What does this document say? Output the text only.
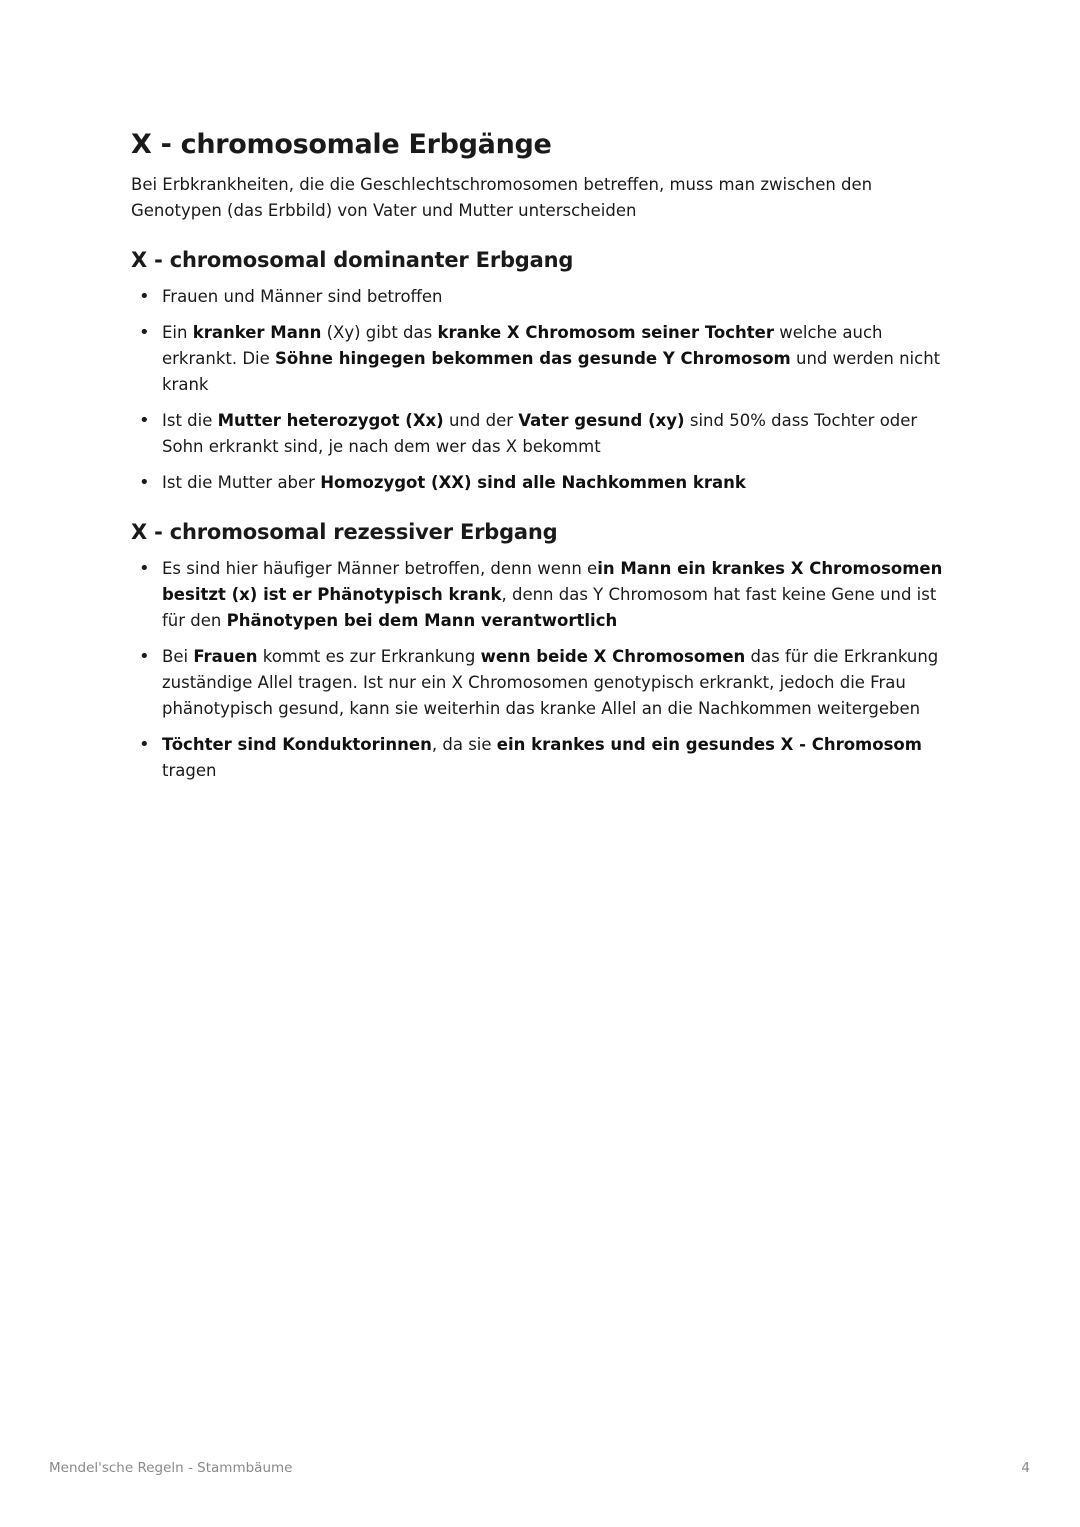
X - chromosomale Erbgänge

Bei Erbkrankheiten, die die Geschlechtschromosomen betreffen, muss man zwischen den Genotypen (das Erbbild) von Vater und Mutter unterscheiden

X - chromosomal dominanter Erbgang
• Frauen und Männer sind betroffen
• Ein kranker Mann (Xy) gibt das kranke X Chromosom seiner Tochter welche auch erkrankt. Die Söhne hingegen bekommen das gesunde Y Chromosom und werden nicht krank
• Ist die Mutter heterozygot (Xx) und der Vater gesund (xy) sind 50% dass Tochter oder Sohn erkrankt sind, je nach dem wer das X bekommt
• Ist die Mutter aber Homozygot (XX) sind alle Nachkommen krank
X - chromosomal rezessiver Erbgang
• Es sind hier häufiger Männer betroffen, denn wenn ein Mann ein krankes X Chromosomen besitzt (x) ist er Phänotypisch krank, denn das Y Chromosom hat fast keine Gene und ist für den Phänotypen bei dem Mann verantwortlich
• Bei Frauen kommt es zur Erkrankung wenn beide X Chromosomen das für die Erkrankung zuständige Allel tragen. Ist nur ein X Chromosomen genotypisch erkrankt, jedoch die Frau phänotypisch gesund, kann sie weiterhin das kranke Allel an die Nachkommen weitergeben
• Töchter sind Konduktorinnen, da sie ein krankes und ein gesundes X - Chromosom tragen
Mendel'sche Regeln - Stammbäume	4
